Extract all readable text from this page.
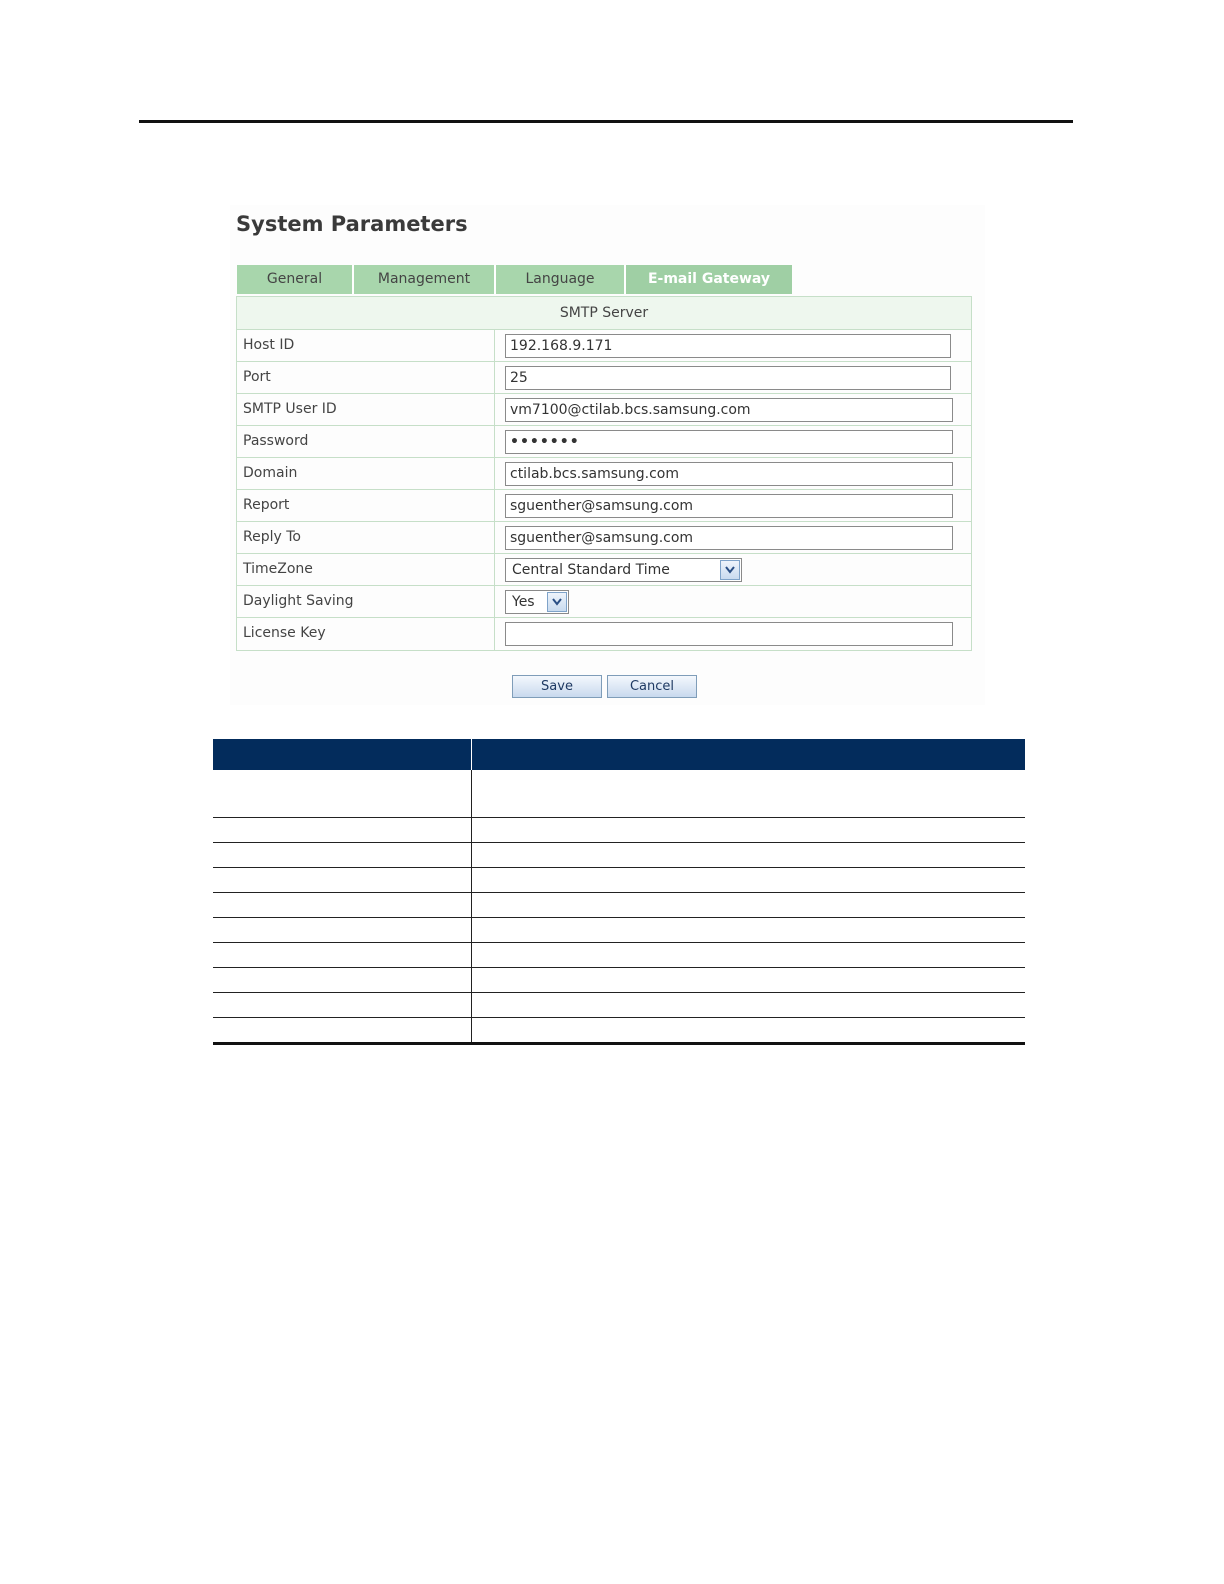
System Parameters
General	Management	Language	E-mail Gateway
SMTP Server
Host ID	192.168.9.171
Port	25
SMTP User ID	vm7100@ctilab.bcs.samsung.com
Password	•••••••
Domain	ctilab.bcs.samsung.com
Report	sguenther@samsung.com
Reply To	sguenther@samsung.com
TimeZone	Central Standard Time
Daylight Saving	Yes
License Key
Save	Cancel
